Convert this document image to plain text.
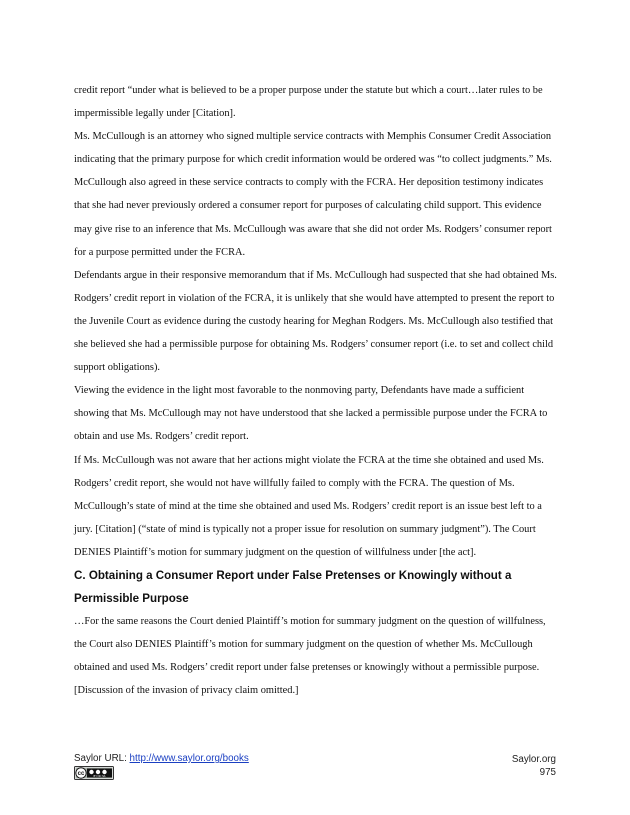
credit report “under what is believed to be a proper purpose under the statute but which a court…later rules to be impermissible legally under [Citation].

Ms. McCullough is an attorney who signed multiple service contracts with Memphis Consumer Credit Association indicating that the primary purpose for which credit information would be ordered was “to collect judgments.” Ms. McCullough also agreed in these service contracts to comply with the FCRA. Her deposition testimony indicates that she had never previously ordered a consumer report for purposes of calculating child support. This evidence may give rise to an inference that Ms. McCullough was aware that she did not order Ms. Rodgers’ consumer report for a purpose permitted under the FCRA.

Defendants argue in their responsive memorandum that if Ms. McCullough had suspected that she had obtained Ms. Rodgers’ credit report in violation of the FCRA, it is unlikely that she would have attempted to present the report to the Juvenile Court as evidence during the custody hearing for Meghan Rodgers. Ms. McCullough also testified that she believed she had a permissible purpose for obtaining Ms. Rodgers’ consumer report (i.e. to set and collect child support obligations).

Viewing the evidence in the light most favorable to the nonmoving party, Defendants have made a sufficient showing that Ms. McCullough may not have understood that she lacked a permissible purpose under the FCRA to obtain and use Ms. Rodgers’ credit report.

If Ms. McCullough was not aware that her actions might violate the FCRA at the time she obtained and used Ms. Rodgers’ credit report, she would not have willfully failed to comply with the FCRA. The question of Ms. McCullough’s state of mind at the time she obtained and used Ms. Rodgers’ credit report is an issue best left to a jury. [Citation] (“state of mind is typically not a proper issue for resolution on summary judgment”). The Court DENIES Plaintiff’s motion for summary judgment on the question of willfulness under [the act].

C. Obtaining a Consumer Report under False Pretenses or Knowingly without a Permissible Purpose

…For the same reasons the Court denied Plaintiff’s motion for summary judgment on the question of willfulness, the Court also DENIES Plaintiff’s motion for summary judgment on the question of whether Ms. McCullough obtained and used Ms. Rodgers’ credit report under false pretenses or knowingly without a permissible purpose.

[Discussion of the invasion of privacy claim omitted.]

Saylor URL: http://www.saylor.org/books
cc	BY NC SA
Saylor.org
975
